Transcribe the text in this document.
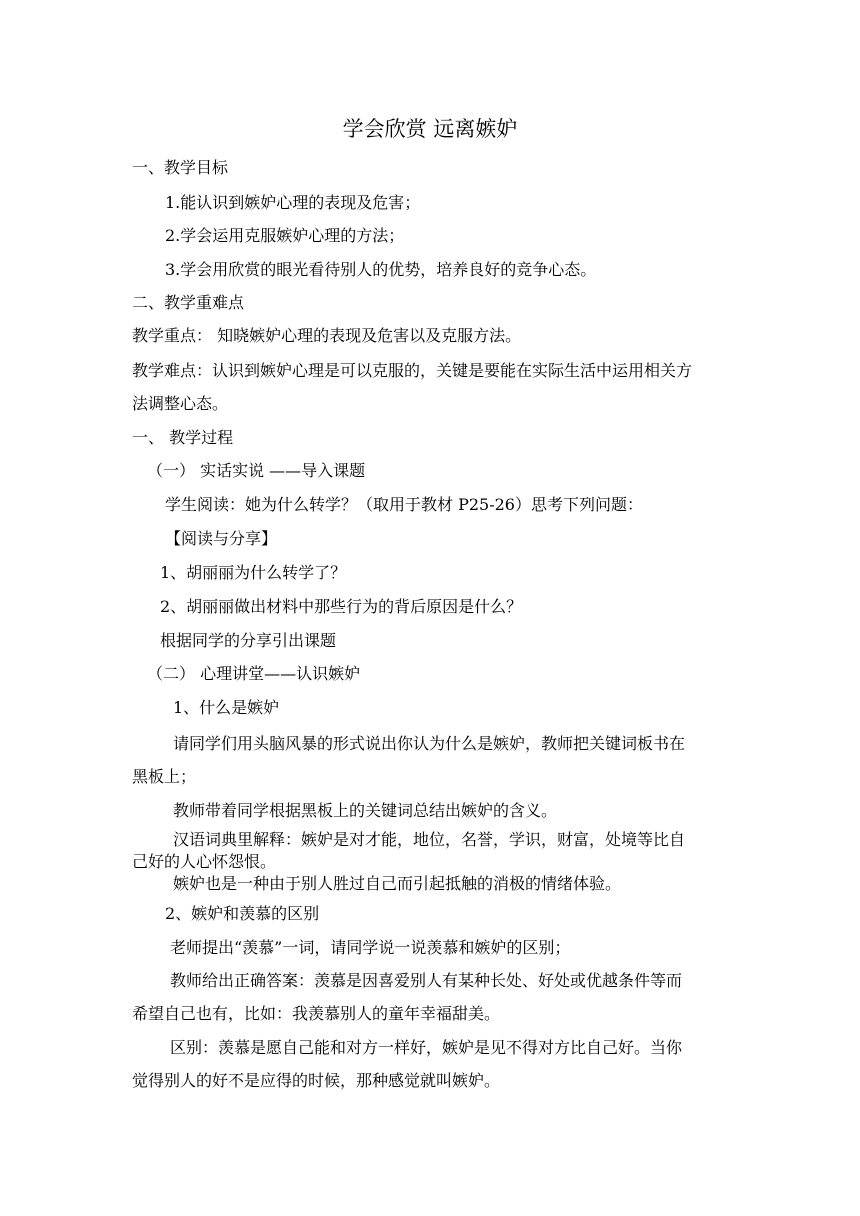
学会欣赏 远离嫉妒

一、教学目标

1.能认识到嫉妒心理的表现及危害；

2.学会运用克服嫉妒心理的方法；

3.学会用欣赏的眼光看待别人的优势，培养良好的竞争心态。

二、教学重难点

教学重点： 知晓嫉妒心理的表现及危害以及克服方法。

教学难点：认识到嫉妒心理是可以克服的，关键是要能在实际生活中运用相关方

法调整心态。

一、 教学过程

（一） 实话实说 ——导入课题

学生阅读：她为什么转学？（取用于教材 P25-26）思考下列问题：

【阅读与分享】

1、胡丽丽为什么转学了？

2、胡丽丽做出材料中那些行为的背后原因是什么？

根据同学的分享引出课题

（二） 心理讲堂——认识嫉妒

1、什么是嫉妒

请同学们用头脑风暴的形式说出你认为什么是嫉妒，教师把关键词板书在

黑板上；

教师带着同学根据黑板上的关键词总结出嫉妒的含义。

汉语词典里解释：嫉妒是对才能，地位，名誉，学识，财富，处境等比自

己好的人心怀怨恨。

嫉妒也是一种由于别人胜过自己而引起抵触的消极的情绪体验。

2、嫉妒和羡慕的区别

老师提出“羡慕”一词，请同学说一说羡慕和嫉妒的区别；

教师给出正确答案：羡慕是因喜爱别人有某种长处、好处或优越条件等而

希望自己也有，比如：我羡慕别人的童年幸福甜美。

区别：羡慕是愿自己能和对方一样好，嫉妒是见不得对方比自己好。当你

觉得别人的好不是应得的时候，那种感觉就叫嫉妒。
